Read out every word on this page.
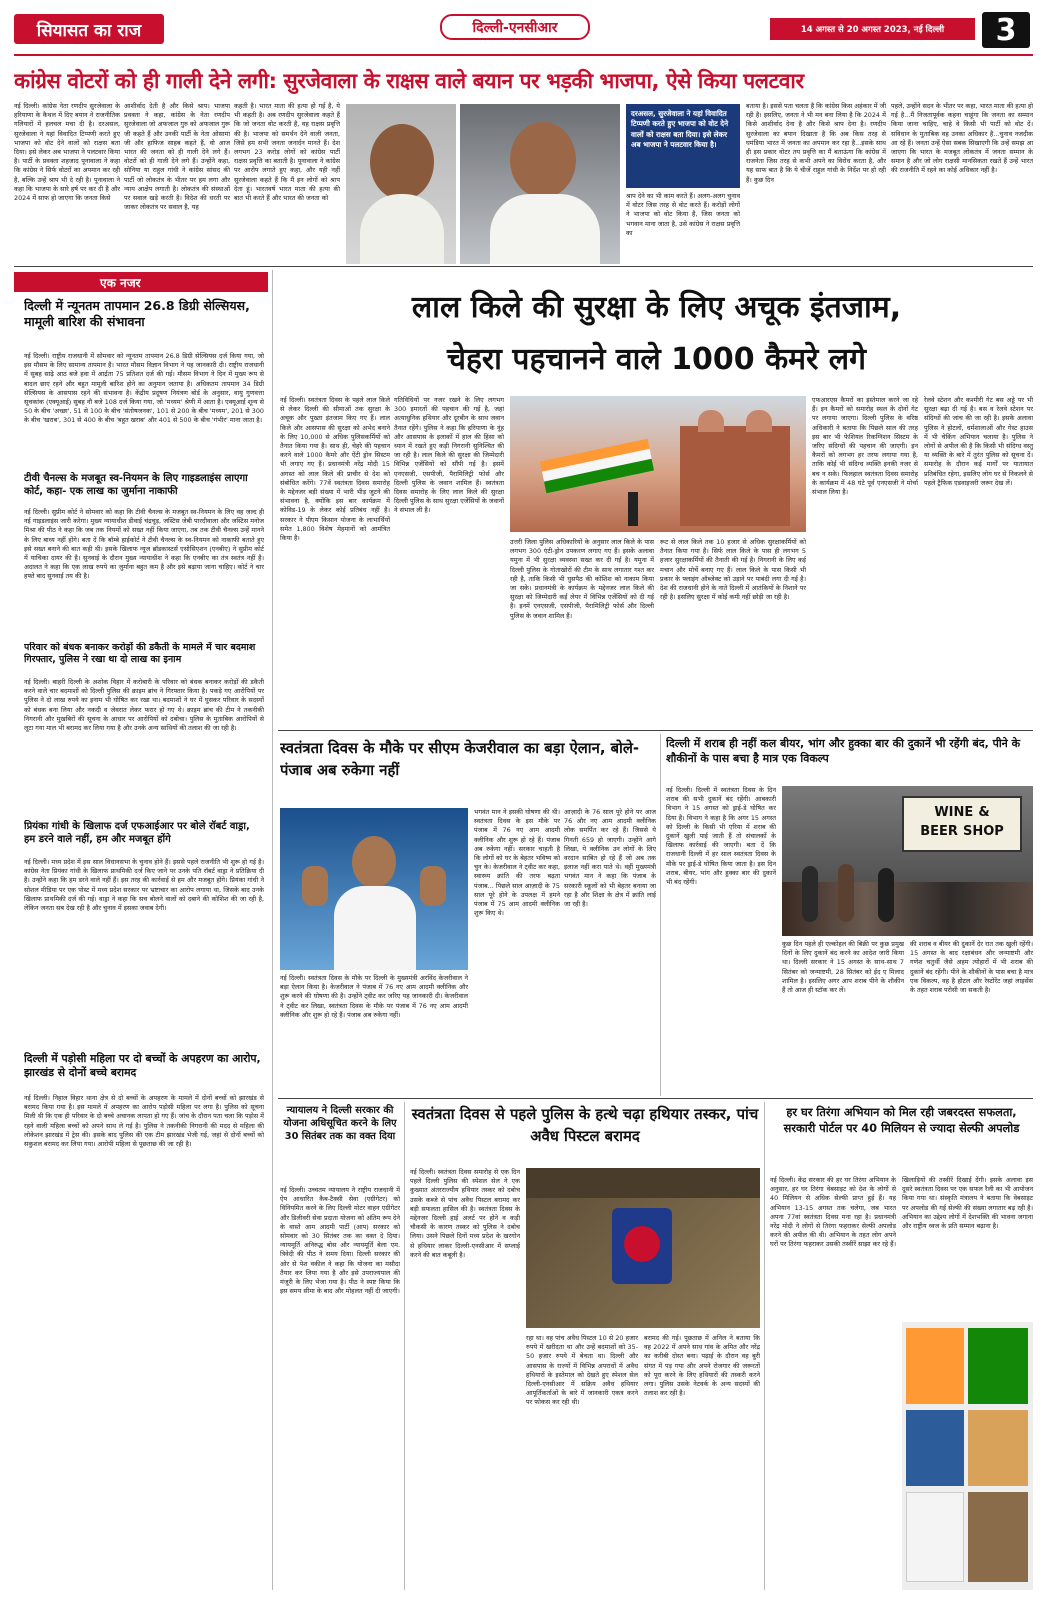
सियासत का राज	दिल्ली-एनसीआर	14 अगस्त से 20 अगस्त 2023, नई दिल्ली 3
कांग्रेस वोटरों को ही गाली देने लगी: सुरजेवाला के राक्षस वाले बयान पर भड़की भाजपा, ऐसे किया पलटवार
नई दिल्ली। कांग्रेस नेता रणदीप सुरजेवाला के हरियाणा के कैथल में दिए बयान ने राजनीतिक गलियारों में हलचल मचा दी है। दरअसल, सुरजेवाला ने यहां विवादित टिप्पणी करते हुए भाजपा को वोट देने वालों को राक्षस बता दिया। इसे लेकर अब भाजपा ने पलटवार किया है। पार्टी के प्रवक्ता शहजाद पूनावाला ने कहा कि कांग्रेस ने सिर्फ वोटरों का अपमान कर रही है, बल्कि उन्हें श्राप भी दे रही है। पूनावाला ने कहा कि भाजपा के सारे हर्ष पर कर दी है और 2024 में साफ हो जाएगा कि जनता किसे
आशीर्वाद देती है और किसे श्राप। भाजपा प्रवक्ता ने कहा, कांग्रेस के नेता रणदीप सुरजेवाला जो अफजाल गुरु को अफजाल गुरू जी कहते हैं और उनकी पार्टी के नेता ओसामा जी और हाफिज साहब कहते हैं, वो आज भारत की जनता को ही गाली देने लगे हैं। वोटरों को ही गाली देने लगे हैं। उन्होंने कहा, सोनिया या राहुल गांधी ने कांग्रेस सांसद की पार्टी जो लोकतंत्र के भीतर पर हम लगा और न्याय आक्षेप लगाती है। लोकतंत्र की संस्थाओं पर सवाल खड़े करती है। विदेश की धरती पर जाकर लोकतंत्र पर सवाल है, यह
कहती है। भारत माता की हत्या हो गई है, ये भी कहती है। अब रणदीप सुरजेवाला कहते हैं कि जो जनता वोट करती है, वह राक्षस प्रवृत्ति की है। भाजपा को समर्थन देने वाली जनता, जिसे हम सभी जनता जनार्दन मानते हैं। देश लगभग 23 करोड़ लोगों को कांग्रेस पार्टी राक्षस प्रवृत्ति का बताती है। पूनावाला ने कांग्रेस पर आरोप लगाते हुए कहा, और यही नहीं सुरजेवाला कहते हैं कि मैं इन लोगों को श्राप देता हूं। भारतवर्ष भारत माता की हत्या की बात भी करते हैं और भारत की जनता को
दरअसल, सुरजेवाला ने यहां विवादित टिप्पणी करते हुए भाजपा को वोट देने वालों को राक्षस बता दिया। इसे लेकर अब भाजपा ने पलटवार किया है।
श्राप देने का भी काम करते हैं। अलग-अलग चुनाव में वोटर जिस तरह से वोट करते हैं। करोड़ों लोगों ने भाजपा को वोट किया है, जिस जनता को भगवान माना जाता है, उसे कांग्रेस ने राक्षस प्रवृत्ति का
बताया है। इससे पता चलता है कि कांग्रेस किस अहंकार में जी रही है। इसलिए, जनता ने भी मन बना लिया है कि 2024 में किसे आशीर्वाद देना है और किसे श्राप देना है। रणदीप सुरजेवाला का बयान दिखाता है कि अब किस तरह से घमंडिया भारत में जनता का अपमान कर रहा है...इसके साथ ही इस प्रकार वोटर तय प्रवृत्ति का मैं बताऊंगा कि कांग्रेस में राजनेता जिस तरह से कभी अपने का विरोध करता है, और यह साफ बात है कि ये चीजें राहुल गांधी के निर्देश पर हो रही हैं। कुछ दिन
पहले, उन्होंने सदन के भीतर पर कहा, भारत माता की हत्या हो गई है...मैं निजतापूर्वक कहना चाहूंगा कि जनता का सम्मान किया जाना चाहिए, चाहे वे किसी भी पार्टी को वोट दें। सविधान के मुताबिक वह उनका अधिकार है...चुनाव नजदीक आ रहे हैं। जनता उन्हें ऐसा सबक सिखाएगी कि उन्हें समझ आ जाएगा कि भारत के मजबूत लोकतंत्र में जनता सम्मान के समान है और जो लोग राक्षसी मानसिकता रखते हैं उन्हें भारत की राजनीति में रहने का कोई अधिकार नहीं है।
एक नजर
दिल्ली में न्यूनतम तापमान 26.8 डिग्री सेल्सियस, मामूली बारिश की संभावना
नई दिल्ली। राष्ट्रीय राजधानी में सोमवार को न्यूनतम तापमान 26.8 डिग्री सेल्सियस दर्ज किया गया, जो इस मौसम के लिए सामान्य तापमान है। भारत मौसम विज्ञान विभाग ने यह जानकारी दी। राष्ट्रीय राजधानी में सुबह साढ़े आठ बजे हवा में आर्द्रता 75 प्रतिशत दर्ज की गई। मौसम विभाग ने दिन में मुख्य रूप से बादल छाए रहने और बहुत मामूली बारिश होने का अनुमान जताया है। अधिकतम तापमान 34 डिग्री सेल्सियस के आसपास रहने की संभावना है। केंद्रीय प्रदूषण नियंत्रण बोर्ड के अनुसार, वायु गुणवत्ता सूचकांक (एक्यूआई) सुबह नौ बजे 108 दर्ज किया गया, जो 'मध्यम' श्रेणी में आता है। एक्यूआई शून्य से 50 के बीच 'अच्छा', 51 से 100 के बीच 'संतोषजनक', 101 से 200 के बीच 'मध्यम', 201 से 300 के बीच 'खराब', 301 से 400 के बीच 'बहुत खराब' और 401 से 500 के बीच 'गंभीर' माना जाता है।
टीवी चैनल्स के मजबूत स्व-नियमन के लिए गाइडलाइंस लाएगा कोर्ट, कहा- एक लाख का जुर्माना नाकाफी
नई दिल्ली। सुप्रीम कोर्ट ने सोमवार को कहा कि टीवी चैनल्स के मजबूत स्व-नियमन के लिए वह जल्द ही नई गाइडलाइंस जारी करेगा। मुख्य न्यायाधीश डीवाई चंद्रचूड़, जस्टिस जेबी पारदीवाला और जस्टिस मनोज मिश्रा की पीठ ने कहा कि जब तक नियमों को सख्त नहीं किया जाएगा, तब तक टीवी चैनल्स उन्हें मानने के लिए बाध्य नहीं होंगे। बता दें कि बॉम्बे हाईकोर्ट ने टीवी चैनल्स के स्व-नियमन को नाकाफी बताते हुए इसे सख्त बनाने की बात कही थी। इसके खिलाफ न्यूज ब्रॉडकास्टर्स एसोसिएशन (एनबीए) ने सुप्रीम कोर्ट में याचिका दायर की है। सुनवाई के दौरान मुख्य न्यायाधीश ने कहा कि एनबीए का तंत्र स्वतंत्र नहीं है। अदालत ने कहा कि एक लाख रुपये का जुर्माना बहुत कम है और इसे बढ़ाया जाना चाहिए। कोर्ट ने चार हफ्ते बाद सुनवाई तय की है।
परिवार को बंधक बनाकर करोड़ों की डकैती के मामले में चार बदमाश गिरफ्तार, पुलिस ने रखा था दो लाख का इनाम
नई दिल्ली। बाहरी दिल्ली के अशोक विहार में करोबारी के परिवार को बंधक बनाकर करोड़ों की डकैती करने वाले चार बदमाशों को दिल्ली पुलिस की क्राइम ब्रांच ने गिरफ्तार किया है। पकड़े गए आरोपियों पर पुलिस ने दो लाख रुपये का इनाम भी घोषित कर रखा था। बदमाशों ने घर में घुसकर परिवार के सदस्यों को बंधक बना लिया और नकदी व जेवरात लेकर फरार हो गए थे। क्राइम ब्रांच की टीम ने तकनीकी निगरानी और मुखबिरों की सूचना के आधार पर आरोपियों को दबोचा। पुलिस के मुताबिक आरोपियों से लूटा गया माल भी बरामद कर लिया गया है और उनके अन्य साथियों की तलाश की जा रही है।
प्रियंका गांधी के खिलाफ दर्ज एफआईआर पर बोले रॉबर्ट वाड्रा, हम डरने वाले नहीं, हम और मजबूत होंगे
नई दिल्ली। मध्य प्रदेश में इस साल विधानसभा के चुनाव होने हैं। इससे पहले राजनीति भी शुरू हो गई है। कांग्रेस नेता प्रियंका गांधी के खिलाफ प्राथमिकी दर्ज किए जाने पर उनके पति रॉबर्ट वाड्रा ने प्रतिक्रिया दी है। उन्होंने कहा कि हम डरने वाले नहीं हैं। इस तरह की कार्रवाई से हम और मजबूत होंगे। प्रियंका गांधी ने सोशल मीडिया पर एक पोस्ट में मध्य प्रदेश सरकार पर भ्रष्टाचार का आरोप लगाया था, जिसके बाद उनके खिलाफ प्राथमिकी दर्ज की गई। वाड्रा ने कहा कि सच बोलने वालों को दबाने की कोशिश की जा रही है, लेकिन जनता सब देख रही है और चुनाव में इसका जवाब देगी।
दिल्ली में पड़ोसी महिला पर दो बच्चों के अपहरण का आरोप, झारखंड से दोनों बच्चे बरामद
नई दिल्ली। निहाल विहार थाना क्षेत्र से दो बच्चों के अपहरण के मामले में दोनों बच्चों को झारखंड से बरामद किया गया है। इस मामले में अपहरण का आरोप पड़ोसी महिला पर लगा है। पुलिस को सूचना मिली थी कि एक ही परिवार के दो बच्चे अचानक लापता हो गए हैं। जांच के दौरान पता चला कि पड़ोस में रहने वाली महिला बच्चों को अपने साथ ले गई है। पुलिस ने तकनीकी निगरानी की मदद से महिला की लोकेशन झारखंड में ट्रेस की। इसके बाद पुलिस की एक टीम झारखंड भेजी गई, जहां से दोनों बच्चों को सकुशल बरामद कर लिया गया। आरोपी महिला से पूछताछ की जा रही है।
लाल किले की सुरक्षा के लिए अचूक इंतजाम,
चेहरा पहचानने वाले 1000 कैमरे लगे
नई दिल्ली। स्वतंत्रता दिवस के पहले लाल किले से लेकर दिल्ली की सीमाओं तक सुरक्षा के अचूक और पुख्ता इंतजाम किए गए हैं। लाल किले और आसपास की सुरक्षा को अभेद बनाने के लिए 10,000 से अधिक पुलिसकर्मियों को तैनात किया गया है। साथ ही, चेहरे की पहचान करने वाले 1000 कैमरे और ऐंटी ड्रोन सिस्टम भी लगाए गए हैं। प्रधानमंत्री नरेंद्र मोदी 15 अगस्त को लाल किले की प्राचीर से देश को संबोधित करेंगे। 77वें स्वतंत्रता दिवस समारोह के मद्देनजर बड़ी संख्या में भारी भीड़ जुटने की संभावना है, क्योंकि इस बार कार्यक्रम में कोविड-19 के लेकर कोई प्रतिबंध नहीं है। सरकार ने पीएम किसान योजना के लाभार्थियों समेत 1,800 विशेष मेहमानों को आमंत्रित किया है।
गतिविधियों पर नजर रखने के लिए लगभग 300 इमारतों की पहचान की गई है, जहां अत्याधुनिक हथियार और दूरबीन के साथ जवान तैनात रहेंगे। पुलिस ने कहा कि हरियाणा के नूंह और आसपास के इलाकों में हाल की हिंसा को ध्यान में रखते हुए कड़ी निगरानी सुनिश्चित की जा रही है। लाल किले की सुरक्षा की जिम्मेदारी विभिन्न एजेंसियों को सौंपी गई है। इसमें एनएसजी, एसपीजी, पैरामिलिट्री फोर्स और दिल्ली पुलिस के जवान शामिल हैं। स्वतंत्रता दिवस समारोह के लिए लाल किले की सुरक्षा दिल्ली पुलिस के साथ सुरक्षा एजेंसियों के जवानों ने संभाल ली है।
उत्तरी जिला पुलिस अधिकारियों के अनुसार लाल किले के पास लगभग 300 एंटी-ड्रोन उपकरण लगाए गए हैं। इसके अलावा यमुना में भी सुरक्षा व्यवस्था सख्त कर दी गई है। यमुना में दिल्ली पुलिस के गोताखोरों की टीम के साथ लगातार गश्त कर रही है, ताकि किसी भी घुसपैठ की कोशिश को नाकाम किया जा सके। प्रधानमंत्री के कार्यक्रम के मद्देनजर लाल किले की सुरक्षा को जिम्मेदारी कई लेयर में विभिन्न एजेंसियों को दी गई है। इनमें एनएसजी, एसपीजी, पैरामिलिट्री फोर्स और दिल्ली पुलिस के जवान शामिल हैं।
रूट से लाल किले तक 10 हजार से अधिक सुरक्षाकर्मियों को तैनात किया गया है। सिर्फ लाल किले के पास ही लगभग 5 हजार सुरक्षाकर्मियों की तैनाती की गई है। निगरानी के लिए कई मचान और मोर्चे बनाए गए हैं। लाल किले के पास किसी भी प्रकार के फ्लाइंग ऑब्जेक्ट को उड़ाने पर पाबंदी लगा दी गई है। देश की राजधानी होने के नाते दिल्ली में आतंकियों के निशाने पर रही है। इसलिए सुरक्षा में कोई कमी नहीं छोड़ी जा रही है।
एफआरएस कैमरों का इस्तेमाल करने जा रहे हैं। इन कैमरों को समारोह स्थल के दोनों गेट पर लगाया जाएगा। दिल्ली पुलिस के वरिष्ठ अधिकारी ने बताया कि पिछले साल की तरह इस बार भी फेशियल रिकग्निशन सिस्टम के जरिए संदिग्धों की पहचान की जाएगी। इन कैमरों को लगभग हर तरफ लगाया गया है, ताकि कोई भी संदिग्ध व्यक्ति इनकी नजर से बच न सके। फिलहाल स्वतंत्रता दिवस समारोह के कार्यक्रम में 48 घंटे पूर्व एनएसजी ने मोर्चा संभाल लिया है।
रेलवे स्टेशन और कश्मीरी गेट बस अड्डे पर भी सुरक्षा बढ़ा दी गई है। बस व रेलवे स्टेशन पर संदिग्धों की जांच की जा रही है। इसके अलावा पुलिस ने होटलों, धर्मशालाओं और गेस्ट हाउस में भी चेकिंग अभियान चलाया है। पुलिस ने लोगों से अपील की है कि किसी भी संदिग्ध वस्तु या व्यक्ति के बारे में तुरंत पुलिस को सूचना दें। समारोह के दौरान कई मार्गों पर यातायात प्रतिबंधित रहेगा, इसलिए लोग घर से निकलने से पहले ट्रैफिक एडवाइजरी जरूर देख लें।
स्वतंत्रता दिवस के मौके पर सीएम केजरीवाल का बड़ा ऐलान, बोले- पंजाब अब रुकेगा नहीं
नई दिल्ली। स्वतंत्रता दिवस के मौके पर दिल्ली के मुख्यमंत्री अरविंद केजरीवाल ने बड़ा ऐलान किया है। केजरीवाल ने पंजाब में 76 नए आम आदमी क्लीनिक और शुरू करने की घोषणा की है। उन्होंने ट्वीट कर जरिए यह जानकारी दी। केजरीवाल ने ट्वीट कर लिखा, स्वतंत्रता दिवस के मौके पर पंजाब में 76 नए आम आदमी क्लीनिक और शुरू हो रहे हैं। पंजाब अब रुकेगा नहीं।
भगवंत मान ने इसकी घोषणा की थी। स्वतंत्रता दिवस के इस मौके पर पंजाब में 76 नए आम आदमी क्लीनिक और शुरू हो रहे हैं। पंजाब अब रुकेगा नहीं। सरकार चाहती है कि लोगों को घर के बेहतर भविष्य को चुन के। केजरीवाल ने ट्वीट कर कहा, स्वास्थ्य क्रांति की तरफ बढ़ता पंजाब... पिछले साल आज़ादी के 75 साल पूरे होने के उपलक्ष में हमने पंजाब में 75 आम आदमी क्लीनिक शुरू किए थे।
आज़ादी के 76 साल पूरे होने पर आज 76 और नए आम आदमी क्लीनिक लोक समर्पित कर रहे हैं। जिससे ये गिनती 659 हो जाएगी। उन्होंने आगे लिखा, ये क्लीनिक उन लोगों के लिए वरदान साबित हो रहे हैं जो अब तक इलाज नहीं करा पाते थे। वहीं मुख्यमंत्री भगवंत मान ने कहा कि पंजाब के सरकारी स्कूलों को भी बेहतर बनाया जा रहा है और शिक्षा के क्षेत्र में क्रांति लाई जा रही है।
दिल्ली में शराब ही नहीं कल बीयर, भांग और हुक्का बार की दुकानें भी रहेंगी बंद, पीने के शौकीनों के पास बचा है मात्र एक विकल्प
नई दिल्ली। दिल्ली में स्वतंत्रता दिवस के दिन शराब की सभी दुकानें बंद रहेंगी। आबकारी विभाग ने 15 अगस्त को ड्राई-डे घोषित कर दिया है। विभाग ने कहा है कि अगर 15 अगस्त को दिल्ली के किसी भी एरिया में शराब की दुकानें खुली पाई जाती हैं तो संचालकों के खिलाफ कार्रवाई की जाएगी। बता दें कि राजधानी दिल्ली में हर साल स्वतंत्रता दिवस के मौके पर ड्राई-डे घोषित किया जाता है। इस दिन शराब, बीयर, भांग और हुक्का बार की दुकानें भी बंद रहेंगी।
WINE &
BEER SHOP
कुछ दिन पहले ही एल्कोहल की बिक्री पर कुछ प्रमुख दिनों के लिए दुकानें बंद करने का आदेश जारी किया था। दिल्ली सरकार ने 15 अगस्त के साथ-साथ 7 सितंबर को जन्माष्टमी, 28 सितंबर को ईद ए मिलाद शामिल है। इसलिए अगर आप शराब पीने के शौकीन हैं तो आज ही स्टॉक कर लें।
की शराब व बीयर की दुकानें देर रात तक खुली रहेंगी। 15 अगस्त के बाद रक्षाबंधन और जन्माष्टमी और गणेश चतुर्थी जैसे अहम त्योहारों में भी शराब की दुकानें बंद रहेंगी। पीने के शौकीनों के पास बचा है मात्र एक विकल्प, वह है होटल और रेस्टोरेंट जहां लाइसेंस के तहत शराब परोसी जा सकती है।
न्यायालय ने दिल्ली सरकार की योजना अधिसूचित करने के लिए 30 सितंबर तक का वक्त दिया
नई दिल्ली। उच्चतम न्यायालय ने राष्ट्रीय राजधानी में ऐप आधारित कैब-टैक्सी सेवा (एग्रीगेटर) को विनियमित करने के लिए दिल्ली मोटर वाहन एग्रीगेटर और डिलीवरी सेवा प्रदाता योजना को अंतिम रूप देने के वास्ते आम आदमी पार्टी (आप) सरकार को सोमवार को 30 सितंबर तक का वक्त दे दिया। न्यायमूर्ति अनिरुद्ध बोस और न्यायमूर्ति बेला एम. त्रिवेदी की पीठ ने समय दिया। दिल्ली सरकार की ओर से पेश वकील ने कहा कि योजना का मसौदा तैयार कर लिया गया है और इसे उपराज्यपाल की मंजूरी के लिए भेजा गया है। पीठ ने स्पष्ट किया कि इस समय सीमा के बाद और मोहलत नहीं दी जाएगी।
स्वतंत्रता दिवस से पहले पुलिस के हत्थे चढ़ा हथियार तस्कर, पांच अवैध पिस्टल बरामद
नई दिल्ली। स्वतंत्रता दिवस समारोह से एक दिन पहले दिल्ली पुलिस की स्पेशल सेल ने एक कुख्यात अंतरराज्यीय हथियार तस्कर को दबोच उसके कब्जे से पांच अवैध पिस्टल बरामद कर बड़ी सफलता हासिल की है। स्वतंत्रता दिवस के मद्देनजर दिल्ली हाई अलर्ट पर होने व कड़ी चौकसी के कारण तस्कर को पुलिस ने दबोच लिया। उसने पिछले दिनों मध्य प्रदेश के खरगोन से हथियार लाकर दिल्ली-एनसीआर में सप्लाई करने की बात कबूली है।
रहा था। वह पांच अवैध पिस्टल 10 से 20 हजार रुपये में खरीदता था और उन्हें बदमाशों को 35-50 हजार रुपये में बेचता था। दिल्ली और आसपास के राज्यों में विभिन्न अपराधों में अवैध हथियारों के इस्तेमाल को देखते हुए स्पेशल सेल दिल्ली-एनसीआर में सक्रिय अवैध हथियार आपूर्तिकर्ताओं के बारे में जानकारी एकत्र करने पर फोकस कर रही थी।
बरामद की गई। पूछताछ में अनिल ने बताया कि वह 2022 में अपने साथ गांव के अमित और नरेंद्र का करीबी दोस्त बना। पढ़ाई के दौरान वह बुरी संगत में पड़ गया और अपने रोजगार की जरूरतों को पूरा करने के लिए हथियारों की तस्करी करने लगा। पुलिस उसके नेटवर्क के अन्य सदस्यों की तलाश कर रही है।
हर घर तिरंगा अभियान को मिल रही जबरदस्त सफलता, सरकारी पोर्टल पर 40 मिलियन से ज्यादा सेल्फी अपलोड
नई दिल्ली। केंद्र सरकार की हर घर तिरंगा अभियान के अनुसार, हर घर तिरंगा वेबसाइट को देश के लोगों से 40 मिलियन से अधिक सेल्फी प्राप्त हुई हैं। यह अभियान 13-15 अगस्त तक चलेगा, जब भारत अपना 77वां स्वतंत्रता दिवस मना रहा है। प्रधानमंत्री नरेंद्र मोदी ने लोगों से तिरंगा फहराकर सेल्फी अपलोड करने की अपील की थी। अभियान के तहत लोग अपने घरों पर तिरंगा फहराकर उसकी तस्वीरें साझा कर रहे हैं।
खिलाड़ियों की तस्वीरें दिखाई देंगी। इसके अलावा इस दूसरे स्वतंत्रता दिवस पर एक सफल रैली का भी आयोजन किया गया था। संस्कृति मंत्रालय ने बताया कि वेबसाइट पर अपलोड की गई सेल्फी की संख्या लगातार बढ़ रही है। अभियान का उद्देश्य लोगों में देशभक्ति की भावना जगाना और राष्ट्रीय ध्वज के प्रति सम्मान बढ़ाना है।
